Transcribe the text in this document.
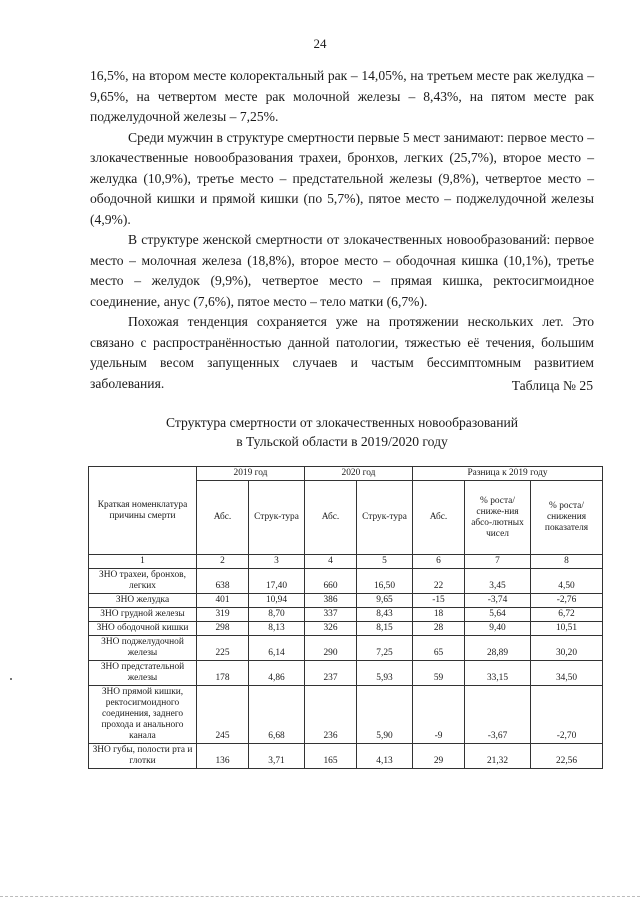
24

16,5%, на втором месте колоректальный рак – 14,05%, на третьем месте рак желудка – 9,65%, на четвертом месте рак молочной железы – 8,43%, на пятом месте рак поджелудочной железы – 7,25%.

Среди мужчин в структуре смертности первые 5 мест занимают: первое место – злокачественные новообразования трахеи, бронхов, легких (25,7%), второе место – желудка (10,9%), третье место – предстательной железы (9,8%), четвертое место – ободочной кишки и прямой кишки (по 5,7%), пятое место – поджелудочной железы (4,9%).

В структуре женской смертности от злокачественных новообразований: первое место – молочная железа (18,8%), второе место – ободочная кишка (10,1%), третье место – желудок (9,9%), четвертое место – прямая кишка, ректосигмоидное соединение, анус (7,6%), пятое место – тело матки (6,7%).

Похожая тенденция сохраняется уже на протяжении нескольких лет. Это связано с распространённостью данной патологии, тяжестью её течения, большим удельным весом запущенных случаев и частым бессимптомным развитием заболевания.	Таблица № 25
Структура смертности от злокачественных новообразований
в Тульской области в 2019/2020 году
Краткая номенклатура причины смерти	2019 год		2020 год		Разница к 2019 году		
	Абс.	Струк-тура	Абс.	Струк-тура	Абс.	% роста/ сниже-ния абсо-лютных чисел	% роста/ снижения показателя
1	2	3	4	5	6	7	8
ЗНО трахеи, бронхов, легких	638	17,40	660	16,50	22	3,45	4,50
ЗНО желудка	401	10,94	386	9,65	-15	-3,74	-2,76
ЗНО грудной железы	319	8,70	337	8,43	18	5,64	6,72
ЗНО ободочной кишки	298	8,13	326	8,15	28	9,40	10,51
ЗНО поджелудочной железы	225	6,14	290	7,25	65	28,89	30,20
ЗНО предстательной железы	178	4,86	237	5,93	59	33,15	34,50
ЗНО прямой кишки, ректосигмоидного соединения, заднего прохода и анального канала	245	6,68	236	5,90	-9	-3,67	-2,70
ЗНО губы, полости рта и глотки	136	3,71	165	4,13	29	21,32	22,56
